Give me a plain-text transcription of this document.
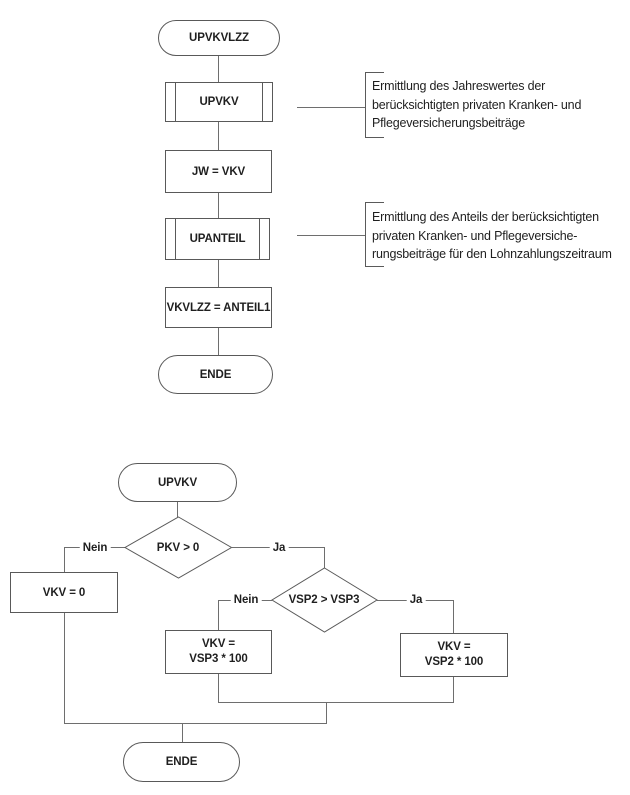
Ermittlung des Jahreswertes der
berücksichtigten privaten Kranken- und
Pflegeversicherungsbeiträge
Ermittlung des Anteils der berücksichtigten
privaten Kranken- und Pflegeversiche-
rungsbeiträge für den Lohnzahlungszeitraum
UPVKVLZZ
UPVKV
JW = VKV
UPANTEIL
VKVLZZ = ANTEIL1
ENDE
UPVKV
PKV > 0
Nein	Ja
VKV = 0
VSP2 > VSP3
Nein	Ja
VKV =
VSP3 * 100
VKV =
VSP2 * 100
ENDE
